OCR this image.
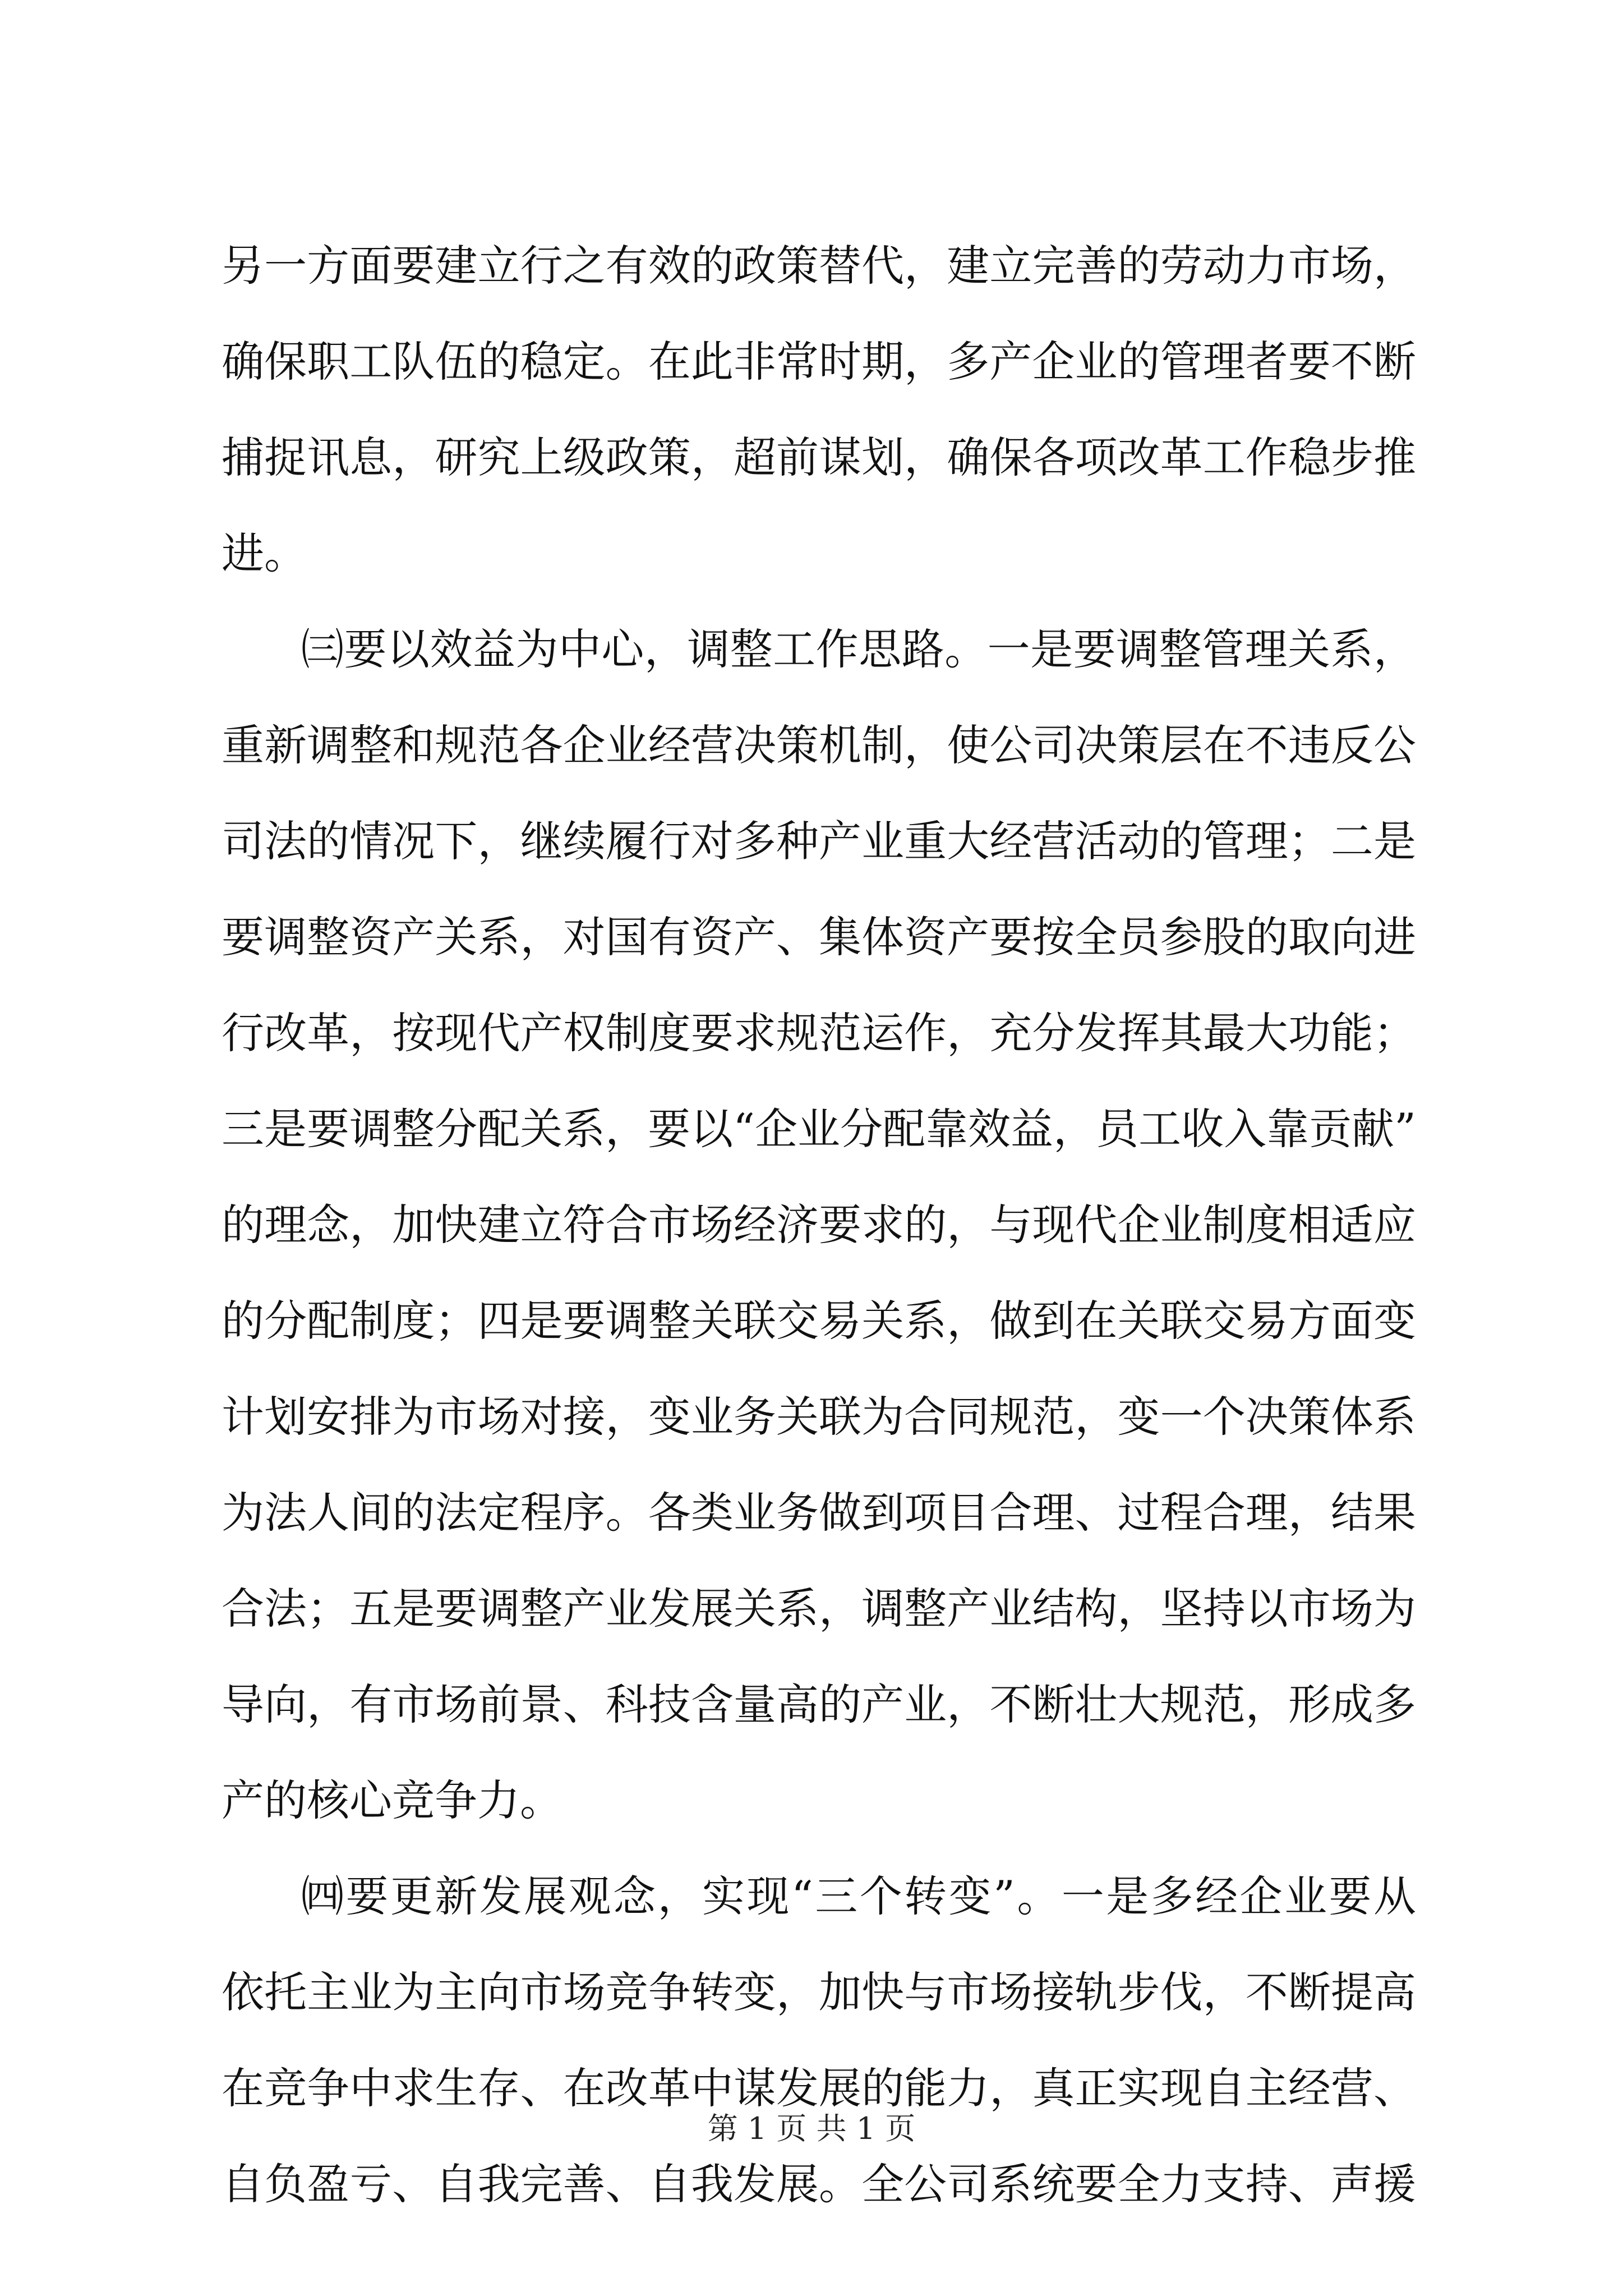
另一方面要建立行之有效的政策替代，建立完善的劳动力市场，
确保职工队伍的稳定。在此非常时期，多产企业的管理者要不断
捕捉讯息，研究上级政策，超前谋划，确保各项改革工作稳步推
进。
㈢要以效益为中心，调整工作思路。一是要调整管理关系，
重新调整和规范各企业经营决策机制，使公司决策层在不违反公
司法的情况下，继续履行对多种产业重大经营活动的管理；二是
要调整资产关系，对国有资产、集体资产要按全员参股的取向进
行改革，按现代产权制度要求规范运作，充分发挥其最大功能；
三是要调整分配关系，要以“企业分配靠效益，员工收入靠贡献”
的理念，加快建立符合市场经济要求的，与现代企业制度相适应
的分配制度；四是要调整关联交易关系，做到在关联交易方面变
计划安排为市场对接，变业务关联为合同规范，变一个决策体系
为法人间的法定程序。各类业务做到项目合理、过程合理，结果
合法；五是要调整产业发展关系，调整产业结构，坚持以市场为
导向，有市场前景、科技含量高的产业，不断壮大规范，形成多
产的核心竞争力。
㈣要更新发展观念，实现“三个转变”。一是多经企业要从
依托主业为主向市场竞争转变，加快与市场接轨步伐，不断提高
在竞争中求生存、在改革中谋发展的能力，真正实现自主经营、
自负盈亏、自我完善、自我发展。全公司系统要全力支持、声援
第 1 页 共 1 页
